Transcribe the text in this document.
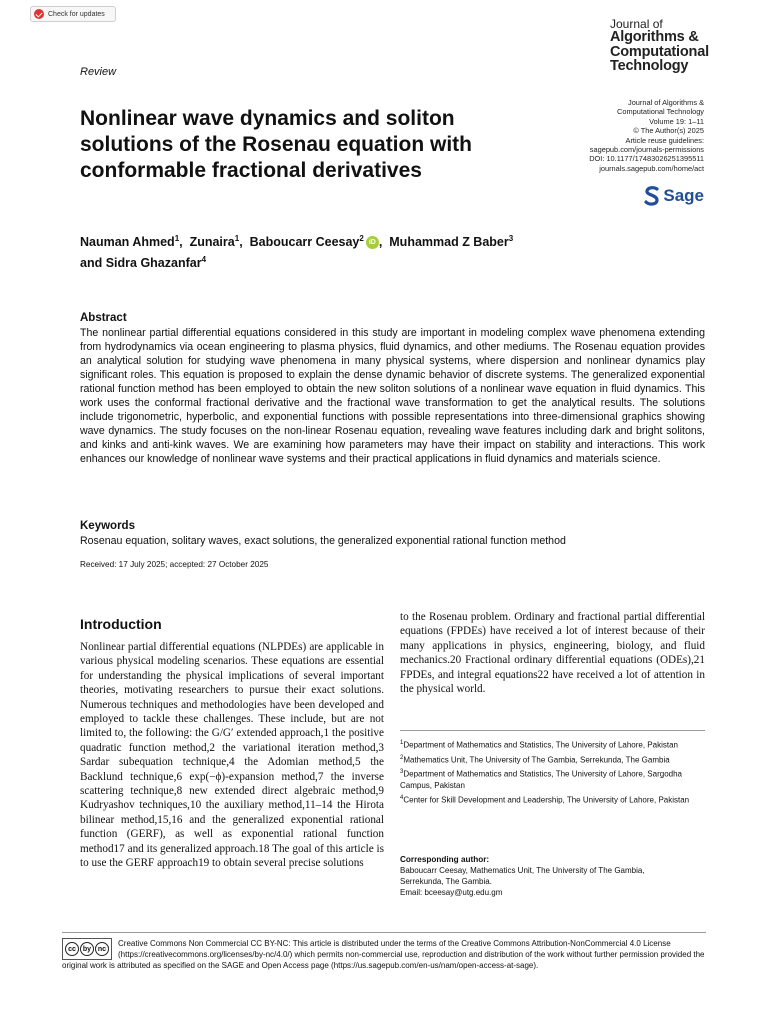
Check for updates
Journal of
Algorithms &
Computational
Technology
Review
Nonlinear wave dynamics and soliton solutions of the Rosenau equation with conformable fractional derivatives
Journal of Algorithms &
Computational Technology
Volume 19: 1–11
© The Author(s) 2025
Article reuse guidelines:
sagepub.com/journals-permissions
DOI: 10.1177/17483026251395511
journals.sagepub.com/home/act
Sage
Nauman Ahmed$^1$,  Zunaira$^1$,  Baboucarr Ceesay$^2$ iD ,  Muhammad Z Baber$^3$
and Sidra Ghazanfar$^4$
Abstract
The nonlinear partial differential equations considered in this study are important in modeling complex wave phenomena extending from hydrodynamics via ocean engineering to plasma physics, fluid dynamics, and other mediums. The Rosenau equation provides an analytical solution for studying wave phenomena in many physical systems, where dispersion and nonlinear dynamics play significant roles. This equation is proposed to explain the dense dynamic behavior of discrete systems. The generalized exponential rational function method has been employed to obtain the new soliton solutions of a nonlinear wave equation in fluid dynamics. This work uses the conformal fractional derivative and the fractional wave transformation to get the analytical results. The solutions include trigonometric, hyperbolic, and exponential functions with possible representations into three-dimensional graphics showing wave dynamics. The study focuses on the non-linear Rosenau equation, revealing wave features including dark and bright solitons, and kinks and anti-kink waves. We are examining how parameters may have their impact on stability and interactions. This work enhances our knowledge of nonlinear wave systems and their practical applications in fluid dynamics and materials science.
Keywords
Rosenau equation, solitary waves, exact solutions, the generalized exponential rational function method
Received: 17 July 2025; accepted: 27 October 2025
Introduction
Nonlinear partial differential equations (NLPDEs) are applicable in various physical modeling scenarios. These equations are essential for understanding the physical implications of several important theories, motivating researchers to pursue their exact solutions. Numerous techniques and methodologies have been developed and employed to tackle these challenges. These include, but are not limited to, the following: the G/G′ extended approach,1 the positive quadratic function method,2 the variational iteration method,3 Sardar subequation technique,4 the Adomian method,5 the Backlund technique,6 exp(−ϕ)-expansion method,7 the inverse scattering technique,8 new extended direct algebraic method,9 Kudryashov techniques,10 the auxiliary method,11–14 the Hirota bilinear method,15,16 and the generalized exponential rational function (GERF), as well as exponential rational function method17 and its generalized approach.18 The goal of this article is to use the GERF approach19 to obtain several precise solutions
to the Rosenau problem. Ordinary and fractional partial differential equations (FPDEs) have received a lot of interest because of their many applications in physics, engineering, biology, and fluid mechanics.20 Fractional ordinary differential equations (ODEs),21 FPDEs, and integral equations22 have received a lot of attention in the physical world.

$^1$Department of Mathematics and Statistics, The University of Lahore, Pakistan

$^2$Mathematics Unit, The University of The Gambia, Serrekunda, The Gambia

$^3$Department of Mathematics and Statistics, The University of Lahore, Sargodha Campus, Pakistan

$^4$Center for Skill Development and Leadership, The University of Lahore, Pakistan

Corresponding author:
Baboucarr Ceesay, Mathematics Unit, The University of The Gambia,
Serrekunda, The Gambia.
Email: bceesay@utg.edu.gm
cc	by nc
Creative Commons Non Commercial CC BY-NC: This article is distributed under the terms of the Creative Commons Attribution-NonCommercial 4.0 License (https://creativecommons.org/licenses/by-nc/4.0/) which permits non-commercial use, reproduction and distribution of the work without further permission provided the original work is attributed as specified on the SAGE and Open Access page (https://us.sagepub.com/en-us/nam/open-access-at-sage).
